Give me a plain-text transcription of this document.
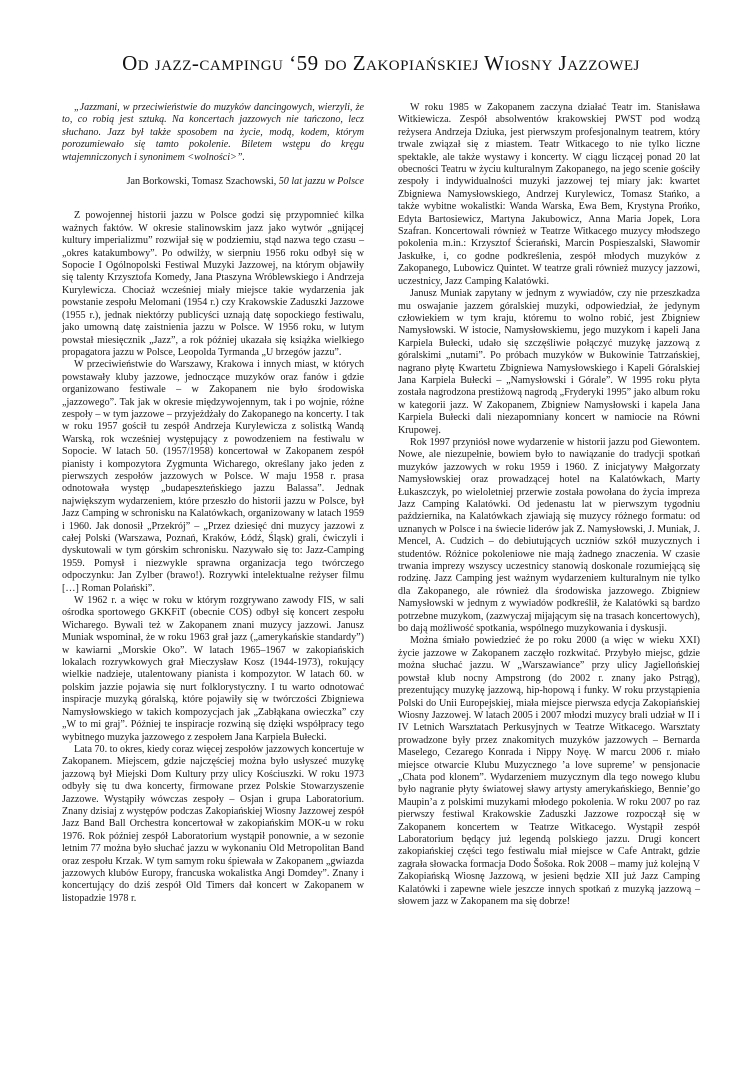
Od jazz-campingu ‘59 do Zakopiańskiej Wiosny Jazzowej

„Jazzmani, w przeciwieństwie do muzyków dancingowych, wierzyli, że to, co robią jest sztuką. Na koncertach jazzowych nie tańczono, lecz słuchano. Jazz był także sposobem na życie, modą, kodem, którym porozumiewało się tamto pokolenie. Biletem wstępu do kręgu wtajemniczonych i synonimem <wolności>”.

Jan Borkowski, Tomasz Szachowski, 50 lat jazzu w Polsce

Z powojennej historii jazzu w Polsce godzi się przypomnieć kilka ważnych faktów. W okresie stalinowskim jazz jako wytwór „gnijącej kultury imperializmu” rozwijał się w podziemiu, stąd nazwa tego czasu – „okres katakumbowy”. Po odwilży, w sierpniu 1956 roku odbył się w Sopocie I Ogólnopolski Festiwal Muzyki Jazzowej, na którym objawiły się talenty Krzysztofa Komedy, Jana Ptaszyna Wróblewskiego i Andrzeja Kurylewicza. Chociaż wcześniej miały miejsce takie wydarzenia jak powstanie zespołu Melomani (1954 r.) czy Krakowskie Zaduszki Jazzowe (1955 r.), jednak niektórzy publicyści uznają datę sopockiego festiwalu, jako umowną datę zaistnienia jazzu w Polsce. W 1956 roku, w lutym powstał miesięcznik „Jazz”, a rok później ukazała się książka wielkiego propagatora jazzu w Polsce, Leopolda Tyrmanda „U brzegów jazzu”.

W przeciwieństwie do Warszawy, Krakowa i innych miast, w których powstawały kluby jazzowe, jednoczące muzyków oraz fanów i gdzie organizowano festiwale – w Zakopanem nie było środowiska „jazzowego”. Tak jak w okresie międzywojennym, tak i po wojnie, różne zespoły – w tym jazzowe – przyjeżdżały do Zakopanego na koncerty. I tak w roku 1957 gościł tu zespół Andrzeja Kurylewicza z solistką Wandą Warską, rok wcześniej występujący z powodzeniem na festiwalu w Sopocie. W latach 50. (1957/1958) koncertował w Zakopanem zespół pianisty i kompozytora Zygmunta Wicharego, określany jako jeden z pierwszych zespołów jazzowych w Polsce. W maju 1958 r. prasa odnotowała występ „budapeszteńskiego jazzu Balassa”. Jednak największym wydarzeniem, które przeszło do historii jazzu w Polsce, był Jazz Camping w schronisku na Kalatówkach, organizowany w latach 1959 i 1960. Jak donosił „Przekrój” – „Przez dziesięć dni muzycy jazzowi z całej Polski (Warszawa, Poznań, Kraków, Łódź, Śląsk) grali, ćwiczyli i dyskutowali w tym górskim schronisku. Nazywało się to: Jazz-Camping 1959. Pomysł i niezwykle sprawna organizacja tego twórczego odpoczynku: Jan Zylber (brawo!). Rozrywki intelektualne reżyser filmu […] Roman Polański”.

W 1962 r. a więc w roku w którym rozgrywano zawody FIS, w sali ośrodka sportowego GKKFiT (obecnie COS) odbył się koncert zespołu Wicharego. Bywali też w Zakopanem znani muzycy jazzowi. Janusz Muniak wspominał, że w roku 1963 grał jazz („amerykańskie standardy”) w kawiarni „Morskie Oko”. W latach 1965–1967 w zakopiańskich lokalach rozrywkowych grał Mieczysław Kosz (1944-1973), rokujący wielkie nadzieje, utalentowany pianista i kompozytor. W latach 60. w polskim jazzie pojawia się nurt folklorystyczny. I tu warto odnotować inspiracje muzyką góralską, które pojawiły się w twórczości Zbigniewa Namysłowskiego w takich kompozycjach jak „Zabłąkana owieczka” czy „W to mi graj”. Później te inspiracje rozwiną się dzięki współpracy tego wybitnego muzyka jazzowego z zespołem Jana Karpiela Bułecki.

Lata 70. to okres, kiedy coraz więcej zespołów jazzowych koncertuje w Zakopanem. Miejscem, gdzie najczęściej można było usłyszeć muzykę jazzową był Miejski Dom Kultury przy ulicy Kościuszki. W roku 1973 odbyły się tu dwa koncerty, firmowane przez Polskie Stowarzyszenie Jazzowe. Wystąpiły wówczas zespoły – Osjan i grupa Laboratorium. Znany dzisiaj z występów podczas Zakopiańskiej Wiosny Jazzowej zespół Jazz Band Ball Orchestra koncertował w zakopiańskim MOK-u w roku 1976. Rok później zespół Laboratorium wystąpił ponownie, a w sezonie letnim 77 można było słuchać jazzu w wykonaniu Old Metropolitan Band oraz zespołu Krzak. W tym samym roku śpiewała w Zakopanem „gwiazda jazzowych klubów Europy, francuska wokalistka Angi Domdey”. Znany i koncertujący do dziś zespół Old Timers dał koncert w Zakopanem w listopadzie 1978 r.

W roku 1985 w Zakopanem zaczyna działać Teatr im. Stanisława Witkiewicza. Zespół absolwentów krakowskiej PWST pod wodzą reżysera Andrzeja Dziuka, jest pierwszym profesjonalnym teatrem, który trwale związał się z miastem. Teatr Witkacego to nie tylko liczne spektakle, ale także wystawy i koncerty. W ciągu liczącej ponad 20 lat obecności Teatru w życiu kulturalnym Zakopanego, na jego scenie gościły zespoły i indywidualności muzyki jazzowej tej miary jak: kwartet Zbigniewa Namysłowskiego, Andrzej Kurylewicz, Tomasz Stańko, a także wybitne wokalistki: Wanda Warska, Ewa Bem, Krystyna Prońko, Edyta Bartosiewicz, Martyna Jakubowicz, Anna Maria Jopek, Lora Szafran. Koncertowali również w Teatrze Witkacego muzycy młodszego pokolenia m.in.: Krzysztof Ścierański, Marcin Pospieszalski, Sławomir Jaskułke, i, co godne podkreślenia, zespół młodych muzyków z Zakopanego, Lubowicz Quintet. W teatrze grali również muzycy jazzowi, uczestnicy, Jazz Camping Kalatówki.

Janusz Muniak zapytany w jednym z wywiadów, czy nie przeszkadza mu oswajanie jazzem góralskiej muzyki, odpowiedział, że jedynym człowiekiem w tym kraju, któremu to wolno robić, jest Zbigniew Namysłowski. W istocie, Namysłowskiemu, jego muzykom i kapeli Jana Karpiela Bułecki, udało się szczęśliwie połączyć muzykę jazzową z góralskimi „nutami”. Po próbach muzyków w Bukowinie Tatrzańskiej, nagrano płytę Kwartetu Zbigniewa Namysłowskiego i Kapeli Góralskiej Jana Karpiela Bułecki – „Namysłowski i Górale”. W 1995 roku płyta została nagrodzona prestiżową nagrodą „Fryderyki 1995” jako album roku w kategorii jazz. W Zakopanem, Zbigniew Namysłowski i kapela Jana Karpiela Bułecki dali niezapomniany koncert w namiocie na Równi Krupowej.

Rok 1997 przyniósł nowe wydarzenie w historii jazzu pod Giewontem. Nowe, ale niezupełnie, bowiem było to nawiązanie do tradycji spotkań muzyków jazzowych w roku 1959 i 1960. Z inicjatywy Małgorzaty Namysłowskiej oraz prowadzącej hotel na Kalatówkach, Marty Łukaszczyk, po wieloletniej przerwie została powołana do życia impreza Jazz Camping Kalatówki. Od jedenastu lat w pierwszym tygodniu października, na Kalatówkach zjawiają się muzycy różnego formatu: od uznanych w Polsce i na świecie liderów jak Z. Namysłowski, J. Muniak, J. Mencel, A. Cudzich – do debiutujących uczniów szkół muzycznych i studentów. Różnice pokoleniowe nie mają żadnego znaczenia. W czasie trwania imprezy wszyscy uczestnicy stanowią doskonale rozumiejącą się rodzinę. Jazz Camping jest ważnym wydarzeniem kulturalnym nie tylko dla Zakopanego, ale również dla środowiska jazzowego. Zbigniew Namysłowski w jednym z wywiadów podkreślił, że Kalatówki są bardzo potrzebne muzykom, (zazwyczaj mijającym się na trasach koncertowych), bo dają możliwość spotkania, wspólnego muzykowania i dyskusji.

Można śmiało powiedzieć że po roku 2000 (a więc w wieku XXI) życie jazzowe w Zakopanem zaczęło rozkwitać. Przybyło miejsc, gdzie można słuchać jazzu. W „Warszawiance” przy ulicy Jagiellońskiej powstał klub nocny Ampstrong (do 2002 r. znany jako Pstrąg), prezentujący muzykę jazzową, hip-hopową i funky. W roku przystąpienia Polski do Unii Europejskiej, miała miejsce pierwsza edycja Zakopiańskiej Wiosny Jazzowej. W latach 2005 i 2007 młodzi muzycy brali udział w II i IV Letnich Warsztatach Perkusyjnych w Teatrze Witkacego. Warsztaty prowadzone były przez znakomitych muzyków jazzowych – Bernarda Maselego, Cezarego Konrada i Nippy Noyę. W marcu 2006 r. miało miejsce otwarcie Klubu Muzycznego ’a love supreme’ w pensjonacie „Chata pod klonem”. Wydarzeniem muzycznym dla tego nowego klubu było nagranie płyty światowej sławy artysty amerykańskiego, Bennie’go Maupin’a z polskimi muzykami młodego pokolenia. W roku 2007 po raz pierwszy festiwal Krakowskie Zaduszki Jazzowe rozpoczął się w Zakopanem koncertem w Teatrze Witkacego. Wystąpił zespół Laboratorium będący już legendą polskiego jazzu. Drugi koncert zakopiańskiej części tego festiwalu miał miejsce w Cafe Antrakt, gdzie zagrała słowacka formacja Dodo Šošoka. Rok 2008 – mamy już kolejną V Zakopiańską Wiosnę Jazzową, w jesieni będzie XII już Jazz Camping Kalatówki i zapewne wiele jeszcze innych spotkań z muzyką jazzową – słowem jazz w Zakopanem ma się dobrze!
